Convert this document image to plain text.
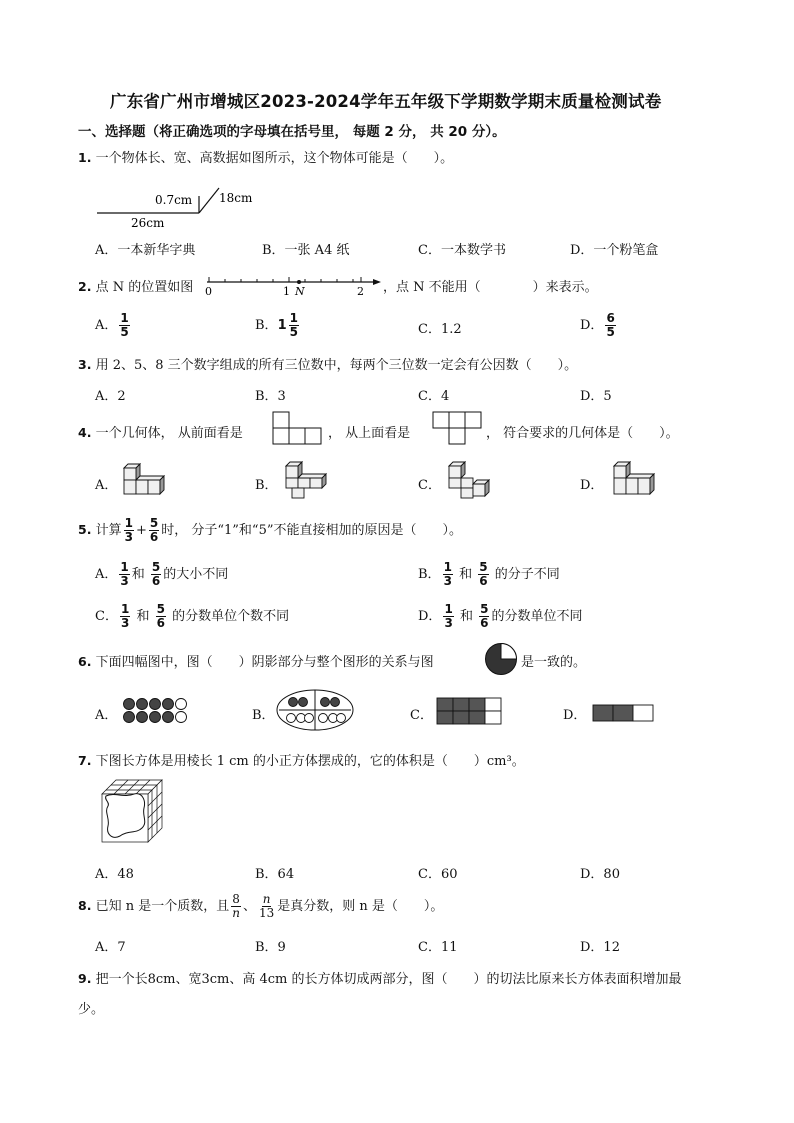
广东省广州市增城区2023-2024学年五年级下学期数学期末质量检测试卷
一、选择题（将正确选项的字母填在括号里， 每题 2 分， 共 20 分）。
1. 一个物体长、宽、高数据如图所示，这个物体可能是（　　）。
0.7cm 18cm
26cm
A．一本新华字典	B．一张 A4 纸	C．一本数学书	D．一个粉笔盒
2. 点 N 的位置如图 0	1 N	2 ，点 N 不能用（　　　　）来表示。
A． $\frac{1}{5}$	B．$1 \frac{1}{5}$	C．1.2	D． $\frac{6}{5}$
3. 用 2、5、8 三个数字组成的所有三位数中，每两个三位数一定会有公因数（　　）。
A．2	B．3	C．4	D．5
4. 一个几何体， 从前面看是	， 从上面看是	， 符合要求的几何体是（　　）。
A．	B．	C．	D．
5. 计算 $\frac{1}{3} + \frac{5}{6}$ 时， 分子“1”和“5”不能直接相加的原因是（　　）。
A． $\frac{1}{3}$ 和 $\frac{5}{6}$ 的大小不同	B． $\frac{1}{3}$ 和 $\frac{5}{6}$ 的分子不同
C． $\frac{1}{3}$ 和 $\frac{5}{6}$ 的分数单位个数不同	D． $\frac{1}{3}$ 和 $\frac{5}{6}$ 的分数单位不同
6. 下面四幅图中，图（　　）阴影部分与整个图形的关系与图	是一致的。
A．	B．	C．	D．
7. 下图长方体是用棱长 1 cm 的小正方体摆成的，它的体积是（　　）cm³。
A．48	B．64	C．60	D．80
8. 已知 n 是一个质数，且 $\frac{8}{n}$ 、 $\frac{n}{13}$ 是真分数，则 n 是（　　）。
A．7	B．9	C．11	D．12
9. 把一个长8cm、宽3cm、高 4cm 的长方体切成两部分，图（　　）的切法比原来长方体表面积增加最
少。
